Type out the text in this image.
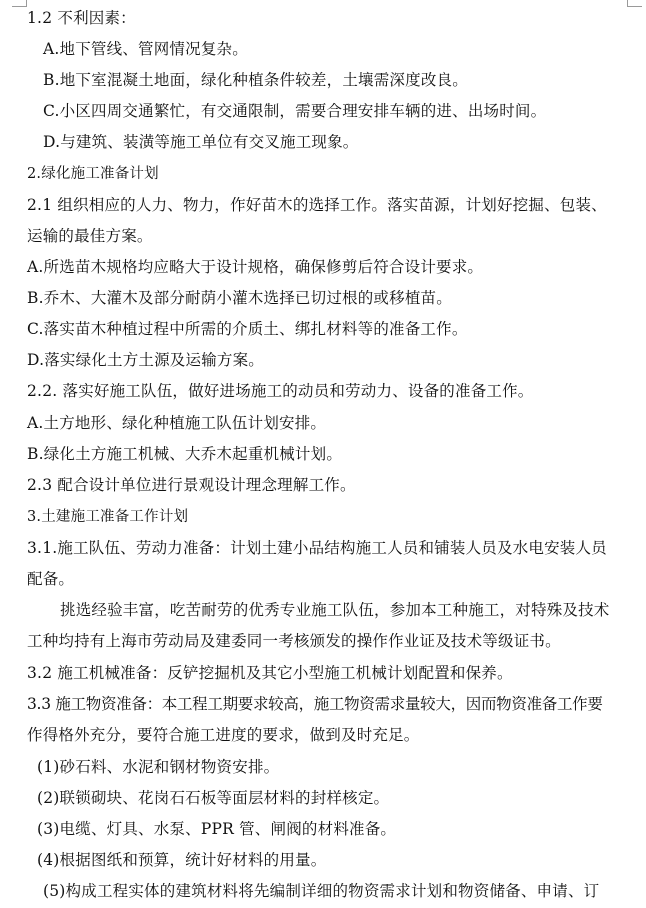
1.2 不利因素：
A.地下管线、管网情况复杂。
B.地下室混凝土地面，绿化种植条件较差，土壤需深度改良。
C.小区四周交通繁忙，有交通限制，需要合理安排车辆的进、出场时间。
D.与建筑、装潢等施工单位有交叉施工现象。
2.绿化施工准备计划
2.1 组织相应的人力、物力，作好苗木的选择工作。落实苗源，计划好挖掘、包装、
运输的最佳方案。
A.所选苗木规格均应略大于设计规格，确保修剪后符合设计要求。
B.乔木、大灌木及部分耐荫小灌木选择已切过根的或移植苗。
C.落实苗木种植过程中所需的介质土、绑扎材料等的准备工作。
D.落实绿化土方土源及运输方案。
2.2. 落实好施工队伍，做好进场施工的动员和劳动力、设备的准备工作。
A.土方地形、绿化种植施工队伍计划安排。
B.绿化土方施工机械、大乔木起重机械计划。
2.3 配合设计单位进行景观设计理念理解工作。
3.土建施工准备工作计划
3.1.施工队伍、劳动力准备：计划土建小品结构施工人员和铺装人员及水电安装人员
配备。
挑选经验丰富，吃苦耐劳的优秀专业施工队伍，参加本工种施工，对特殊及技术
工种均持有上海市劳动局及建委同一考核颁发的操作作业证及技术等级证书。
3.2 施工机械准备：反铲挖掘机及其它小型施工机械计划配置和保养。
3.3 施工物资准备：本工程工期要求较高，施工物资需求量较大，因而物资准备工作要
作得格外充分，要符合施工进度的要求，做到及时充足。
(1)砂石料、水泥和钢材物资安排。
(2)联锁砌块、花岗石石板等面层材料的封样核定。
(3)电缆、灯具、水泵、PPR 管、闸阀的材料准备。
(4)根据图纸和预算，统计好材料的用量。
(5)构成工程实体的建筑材料将先编制详细的物资需求计划和物资储备、申请、订
